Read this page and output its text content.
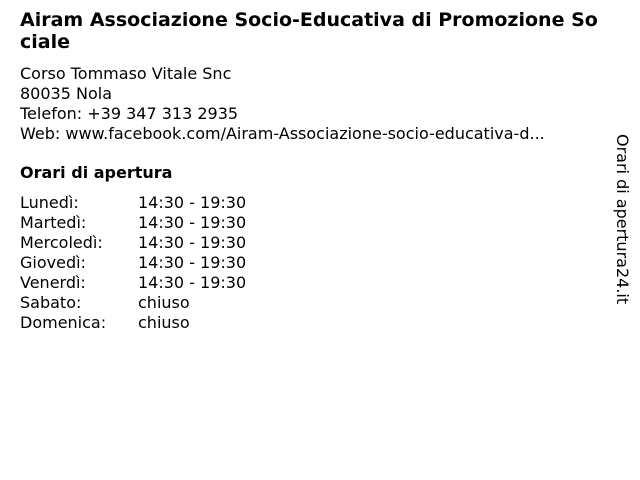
Airam Associazione Socio-Educativa di Promozione Sociale
Corso Tommaso Vitale Snc
80035 Nola
Telefon: +39 347 313 2935
Web: www.facebook.com/Airam-Associazione-socio-educativa-d...
Orari di apertura
Lunedì:	14:30 - 19:30
Martedì:	14:30 - 19:30
Mercoledì: 14:30 - 19:30
Giovedì:	14:30 - 19:30
Venerdì:	14:30 - 19:30
Sabato:	chiuso
Domenica: chiuso
Orari di apertura24.it
